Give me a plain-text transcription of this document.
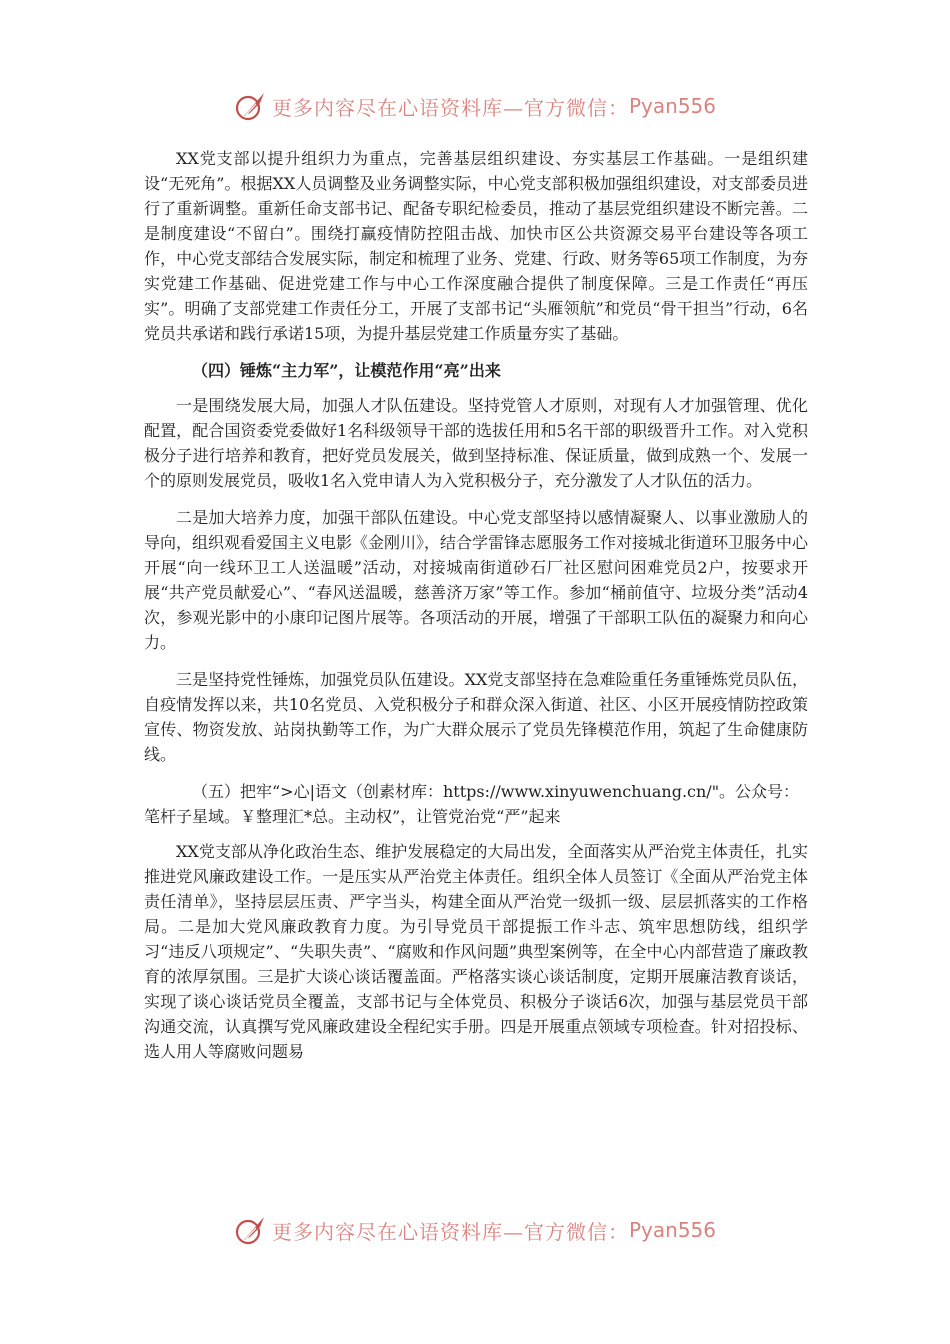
更多内容尽在心语资料库—官方微信： Pyan556

XX党支部以提升组织力为重点，完善基层组织建设、夯实基层工作基础。一是组织建设“无死角”。根据XX人员调整及业务调整实际，中心党支部积极加强组织建设，对支部委员进行了重新调整。重新任命支部书记、配备专职纪检委员，推动了基层党组织建设不断完善。二是制度建设“不留白”。围绕打赢疫情防控阻击战、加快市区公共资源交易平台建设等各项工作，中心党支部结合发展实际，制定和梳理了业务、党建、行政、财务等65项工作制度，为夯实党建工作基础、促进党建工作与中心工作深度融合提供了制度保障。三是工作责任“再压实”。明确了支部党建工作责任分工，开展了支部书记“头雁领航”和党员“骨干担当”行动，6名党员共承诺和践行承诺15项，为提升基层党建工作质量夯实了基础。

（四）锤炼“主力军”，让模范作用“亮”出来

一是围绕发展大局，加强人才队伍建设。坚持党管人才原则，对现有人才加强管理、优化配置，配合国资委党委做好1名科级领导干部的选拔任用和5名干部的职级晋升工作。对入党积极分子进行培养和教育，把好党员发展关，做到坚持标准、保证质量，做到成熟一个、发展一个的原则发展党员，吸收1名入党申请人为入党积极分子，充分激发了人才队伍的活力。

二是加大培养力度，加强干部队伍建设。中心党支部坚持以感情凝聚人、以事业激励人的导向，组织观看爱国主义电影《金刚川》，结合学雷锋志愿服务工作对接城北街道环卫服务中心开展“向一线环卫工人送温暖”活动，对接城南街道砂石厂社区慰问困难党员2户，按要求开展“共产党员献爱心”、“春风送温暖，慈善济万家”等工作。参加“桶前值守、垃圾分类”活动4次，参观光影中的小康印记图片展等。各项活动的开展，增强了干部职工队伍的凝聚力和向心力。

三是坚持党性锤炼，加强党员队伍建设。XX党支部坚持在急难险重任务重锤炼党员队伍，自疫情发挥以来，共10名党员、入党积极分子和群众深入街道、社区、小区开展疫情防控政策宣传、物资发放、站岗执勤等工作，为广大群众展示了党员先锋模范作用，筑起了生命健康防线。

（五）把牢“>心|语文（创素材库：https://www.xinyuwenchuang.cn/"。公众号：笔杆子星域。￥整理汇*总。主动权”，让管党治党“严”起来

XX党支部从净化政治生态、维护发展稳定的大局出发，全面落实从严治党主体责任，扎实推进党风廉政建设工作。一是压实从严治党主体责任。组织全体人员签订《全面从严治党主体责任清单》，坚持层层压责、严字当头，构建全面从严治党一级抓一级、层层抓落实的工作格局。二是加大党风廉政教育力度。为引导党员干部提振工作斗志、筑牢思想防线，组织学习“违反八项规定”、“失职失责”、“腐败和作风问题”典型案例等，在全中心内部营造了廉政教育的浓厚氛围。三是扩大谈心谈话覆盖面。严格落实谈心谈话制度，定期开展廉洁教育谈话，实现了谈心谈话党员全覆盖，支部书记与全体党员、积极分子谈话6次，加强与基层党员干部沟通交流，认真撰写党风廉政建设全程纪实手册。四是开展重点领域专项检查。针对招投标、选人用人等腐败问题易

更多内容尽在心语资料库—官方微信： Pyan556
